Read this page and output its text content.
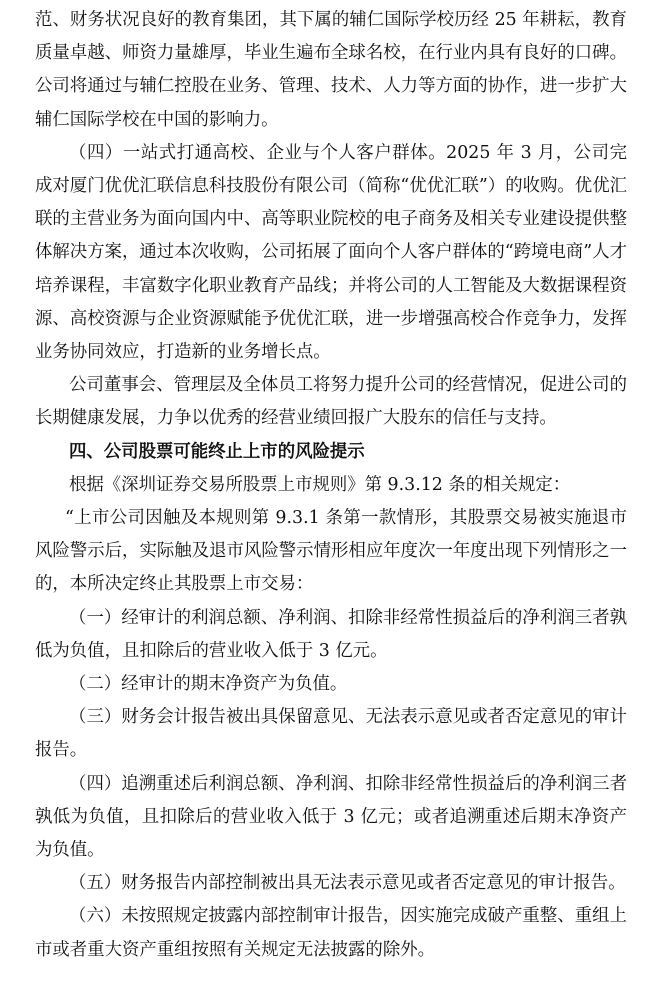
范、财务状况良好的教育集团，其下属的辅仁国际学校历经 25 年耕耘，教育质量卓越、师资力量雄厚，毕业生遍布全球名校，在行业内具有良好的口碑。公司将通过与辅仁控股在业务、管理、技术、人力等方面的协作，进一步扩大辅仁国际学校在中国的影响力。

（四）一站式打通高校、企业与个人客户群体。2025 年 3 月，公司完成对厦门优优汇联信息科技股份有限公司（简称“优优汇联”）的收购。优优汇联的主营业务为面向国内中、高等职业院校的电子商务及相关专业建设提供整体解决方案，通过本次收购，公司拓展了面向个人客户群体的“跨境电商”人才培养课程，丰富数字化职业教育产品线；并将公司的人工智能及大数据课程资源、高校资源与企业资源赋能予优优汇联，进一步增强高校合作竞争力，发挥业务协同效应，打造新的业务增长点。

公司董事会、管理层及全体员工将努力提升公司的经营情况，促进公司的长期健康发展，力争以优秀的经营业绩回报广大股东的信任与支持。

四、公司股票可能终止上市的风险提示

根据《深圳证券交易所股票上市规则》第 9.3.12 条的相关规定：

“上市公司因触及本规则第 9.3.1 条第一款情形，其股票交易被实施退市风险警示后，实际触及退市风险警示情形相应年度次一年度出现下列情形之一的，本所决定终止其股票上市交易：

（一）经审计的利润总额、净利润、扣除非经常性损益后的净利润三者孰低为负值，且扣除后的营业收入低于 3 亿元。

（二）经审计的期末净资产为负值。

（三）财务会计报告被出具保留意见、无法表示意见或者否定意见的审计报告。

（四）追溯重述后利润总额、净利润、扣除非经常性损益后的净利润三者孰低为负值，且扣除后的营业收入低于 3 亿元；或者追溯重述后期末净资产为负值。

（五）财务报告内部控制被出具无法表示意见或者否定意见的审计报告。

（六）未按照规定披露内部控制审计报告，因实施完成破产重整、重组上市或者重大资产重组按照有关规定无法披露的除外。
